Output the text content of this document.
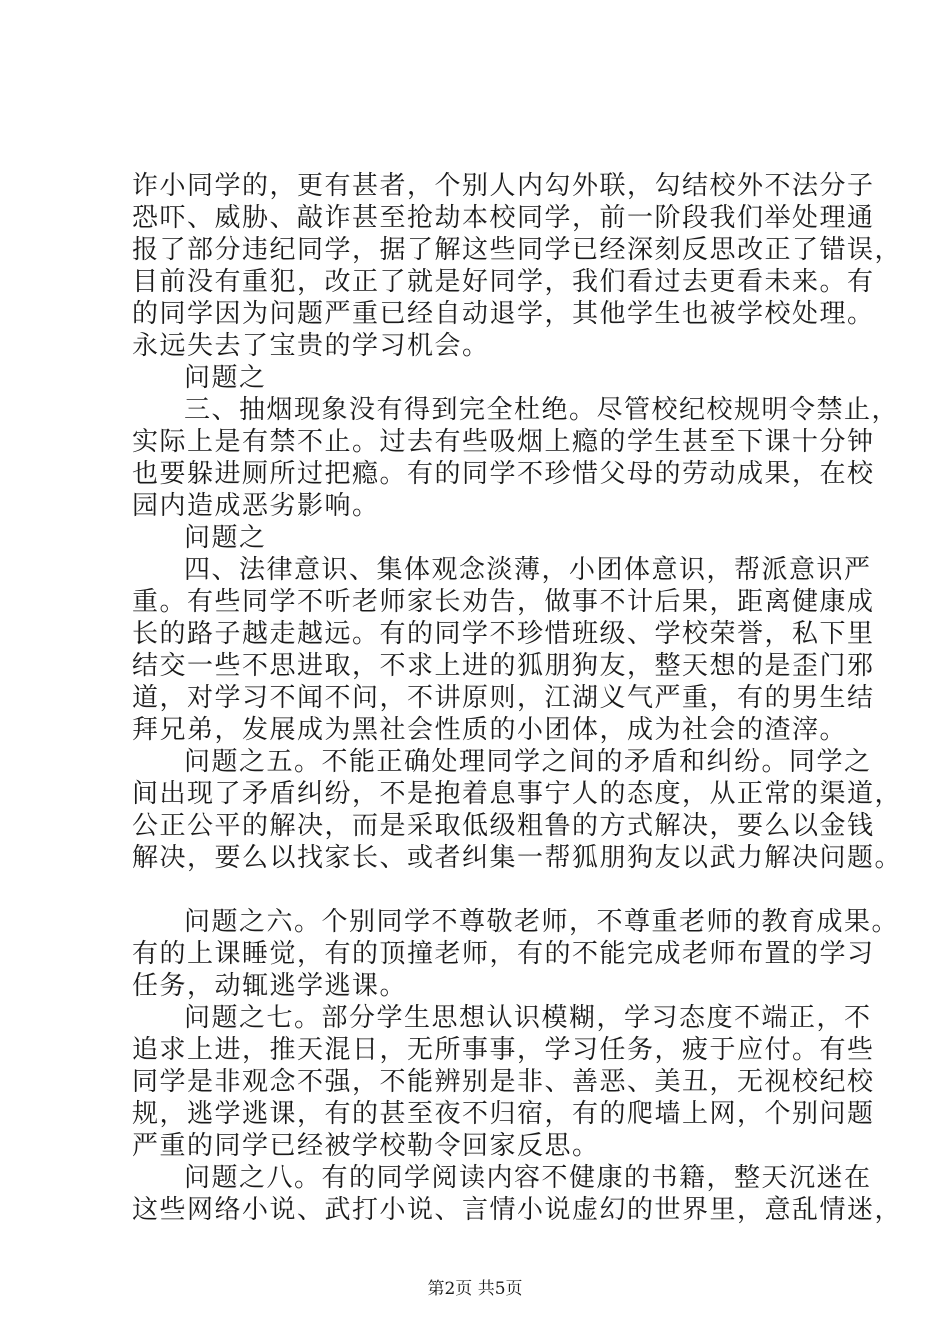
诈小同学的，更有甚者，个别人内勾外联，勾结校外不法分子
恐吓、威胁、敲诈甚至抢劫本校同学，前一阶段我们举处理通
报了部分违纪同学，据了解这些同学已经深刻反思改正了错误，
目前没有重犯，改正了就是好同学，我们看过去更看未来。有
的同学因为问题严重已经自动退学，其他学生也被学校处理。
永远失去了宝贵的学习机会。
问题之
三、抽烟现象没有得到完全杜绝。尽管校纪校规明令禁止，
实际上是有禁不止。过去有些吸烟上瘾的学生甚至下课十分钟
也要躲进厕所过把瘾。有的同学不珍惜父母的劳动成果，在校
园内造成恶劣影响。
问题之
四、法律意识、集体观念淡薄，小团体意识，帮派意识严
重。有些同学不听老师家长劝告，做事不计后果，距离健康成
长的路子越走越远。有的同学不珍惜班级、学校荣誉，私下里
结交一些不思进取，不求上进的狐朋狗友，整天想的是歪门邪
道，对学习不闻不问，不讲原则，江湖义气严重，有的男生结
拜兄弟，发展成为黑社会性质的小团体，成为社会的渣滓。
问题之五。不能正确处理同学之间的矛盾和纠纷。同学之
间出现了矛盾纠纷，不是抱着息事宁人的态度，从正常的渠道，
公正公平的解决，而是采取低级粗鲁的方式解决，要么以金钱
解决，要么以找家长、或者纠集一帮狐朋狗友以武力解决问题。
问题之六。个别同学不尊敬老师，不尊重老师的教育成果。
有的上课睡觉，有的顶撞老师，有的不能完成老师布置的学习
任务，动辄逃学逃课。
问题之七。部分学生思想认识模糊，学习态度不端正，不
追求上进，推天混日，无所事事，学习任务，疲于应付。有些
同学是非观念不强，不能辨别是非、善恶、美丑，无视校纪校
规，逃学逃课，有的甚至夜不归宿，有的爬墙上网，个别问题
严重的同学已经被学校勒令回家反思。
问题之八。有的同学阅读内容不健康的书籍，整天沉迷在
这些网络小说、武打小说、言情小说虚幻的世界里，意乱情迷，
第2页 共5页
